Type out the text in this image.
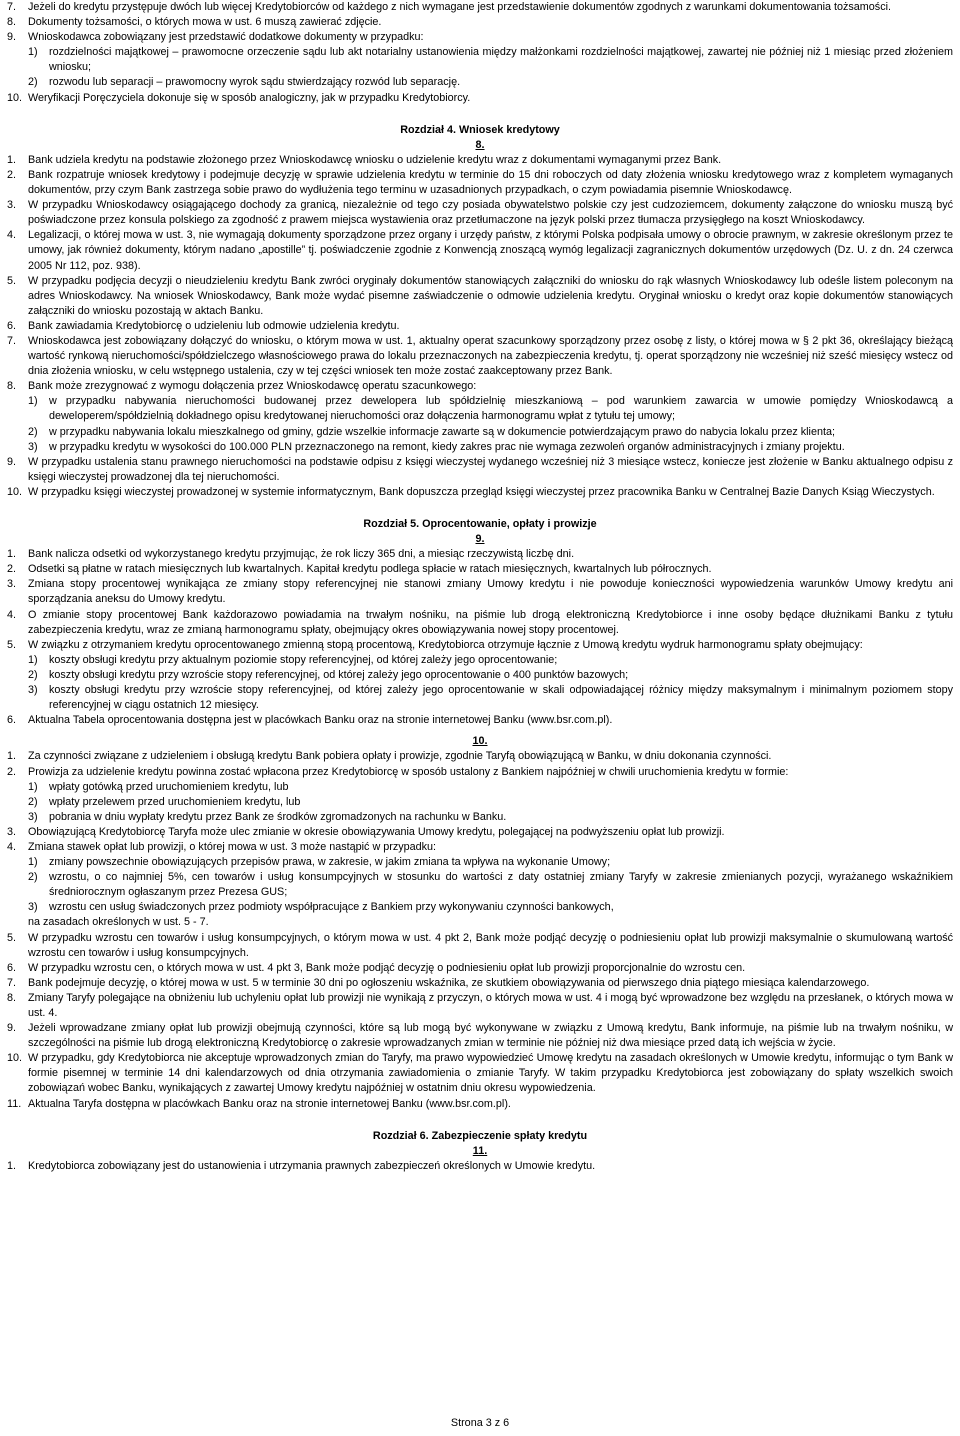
7.	Jeżeli do kredytu przystępuje dwóch lub więcej Kredytobiorców od każdego z nich wymagane jest przedstawienie dokumentów zgodnych z warunkami dokumentowania tożsamości.
8.	Dokumenty tożsamości, o których mowa w ust. 6 muszą zawierać zdjęcie.
9.	Wnioskodawca zobowiązany jest przedstawić dodatkowe dokumenty w przypadku:
1)	rozdzielności majątkowej – prawomocne orzeczenie sądu lub akt notarialny ustanowienia między małżonkami rozdzielności majątkowej, zawartej nie później niż 1 miesiąc przed złożeniem wniosku;
2)	rozwodu lub separacji – prawomocny wyrok sądu stwierdzający rozwód lub separację.
10. Weryfikacji Poręczyciela dokonuje się w sposób analogiczny, jak w przypadku Kredytobiorcy.
Rozdział 4. Wniosek kredytowy
8.
1.	Bank udziela kredytu na podstawie złożonego przez Wnioskodawcę wniosku o udzielenie kredytu wraz z dokumentami wymaganymi przez Bank.
2.	Bank rozpatruje wniosek kredytowy i podejmuje decyzję w sprawie udzielenia kredytu w terminie do 15 dni roboczych od daty złożenia wniosku kredytowego wraz z kompletem wymaganych dokumentów, przy czym Bank zastrzega sobie prawo do wydłużenia tego terminu w uzasadnionych przypadkach, o czym powiadamia pisemnie Wnioskodawcę.
3.	W przypadku Wnioskodawcy osiągającego dochody za granicą, niezależnie od tego czy posiada obywatelstwo polskie czy jest cudzoziemcem, dokumenty załączone do wniosku muszą być poświadczone przez konsula polskiego za zgodność z prawem miejsca wystawienia oraz przetłumaczone na język polski przez tłumacza przysięgłego na koszt Wnioskodawcy.
4.	Legalizacji, o której mowa w ust. 3, nie wymagają dokumenty sporządzone przez organy i urzędy państw, z którymi Polska podpisała umowy o obrocie prawnym, w zakresie określonym przez te umowy, jak również dokumenty, którym nadano „apostille” tj. poświadczenie zgodnie z Konwencją znoszącą wymóg legalizacji zagranicznych dokumentów urzędowych (Dz. U. z dn. 24 czerwca 2005 Nr 112, poz. 938).
5.	W przypadku podjęcia decyzji o nieudzieleniu kredytu Bank zwróci oryginały dokumentów stanowiących załączniki do wniosku do rąk własnych Wnioskodawcy lub odeśle listem poleconym na adres Wnioskodawcy. Na wniosek Wnioskodawcy, Bank może wydać pisemne zaświadczenie o odmowie udzielenia kredytu. Oryginał wniosku o kredyt oraz kopie dokumentów stanowiących załączniki do wniosku pozostają w aktach Banku.
6.	Bank zawiadamia Kredytobiorcę o udzieleniu lub odmowie udzielenia kredytu.
7.	Wnioskodawca jest zobowiązany dołączyć do wniosku, o którym mowa w ust. 1, aktualny operat szacunkowy sporządzony przez osobę z listy, o której mowa w § 2 pkt 36, określający bieżącą wartość rynkową nieruchomości/spółdzielczego własnościowego prawa do lokalu przeznaczonych na zabezpieczenia kredytu, tj. operat sporządzony nie wcześniej niż sześć miesięcy wstecz od dnia złożenia wniosku, w celu wstępnego ustalenia, czy w tej części wniosek ten może zostać zaakceptowany przez Bank.
8.	Bank może zrezygnować z wymogu dołączenia przez Wnioskodawcę operatu szacunkowego:
1)	w przypadku nabywania nieruchomości budowanej przez dewelopera lub spółdzielnię mieszkaniową – pod warunkiem zawarcia w umowie pomiędzy Wnioskodawcą a deweloperem/spółdzielnią dokładnego opisu kredytowanej nieruchomości oraz dołączenia harmonogramu wpłat z tytułu tej umowy;
2)	w przypadku nabywania lokalu mieszkalnego od gminy, gdzie wszelkie informacje zawarte są w dokumencie potwierdzającym prawo do nabycia lokalu przez klienta;
3)	w przypadku kredytu w wysokości do 100.000 PLN przeznaczonego na remont, kiedy zakres prac nie wymaga zezwoleń organów administracyjnych i zmiany projektu.
9.	W przypadku ustalenia stanu prawnego nieruchomości na podstawie odpisu z księgi wieczystej wydanego wcześniej niż 3 miesiące wstecz, koniecze jest złożenie w Banku aktualnego odpisu z księgi wieczystej prowadzonej dla tej nieruchomości.
10. W przypadku księgi wieczystej prowadzonej w systemie informatycznym, Bank dopuszcza przegląd księgi wieczystej przez pracownika Banku w Centralnej Bazie Danych Ksiąg Wieczystych.
Rozdział 5. Oprocentowanie, opłaty i prowizje
9.
1.	Bank nalicza odsetki od wykorzystanego kredytu przyjmując, że rok liczy 365 dni, a miesiąc rzeczywistą liczbę dni.
2.	Odsetki są płatne w ratach miesięcznych lub kwartalnych. Kapitał kredytu podlega spłacie w ratach miesięcznych, kwartalnych lub półrocznych.
3.	Zmiana stopy procentowej wynikająca ze zmiany stopy referencyjnej nie stanowi zmiany Umowy kredytu i nie powoduje konieczności wypowiedzenia warunków Umowy kredytu ani sporządzania aneksu do Umowy kredytu.
4.	O zmianie stopy procentowej Bank każdorazowo powiadamia na trwałym nośniku, na piśmie lub drogą elektroniczną Kredytobiorce i inne osoby będące dłużnikami Banku z tytułu zabezpieczenia kredytu, wraz ze zmianą harmonogramu spłaty, obejmujący okres obowiązywania nowej stopy procentowej.
5.	W związku z otrzymaniem kredytu oprocentowanego zmienną stopą procentową, Kredytobiorca otrzymuje łącznie z Umową kredytu wydruk harmonogramu spłaty obejmujący:
1)	koszty obsługi kredytu przy aktualnym poziomie stopy referencyjnej, od której zależy jego oprocentowanie;
2)	koszty obsługi kredytu przy wzroście stopy referencyjnej, od której zależy jego oprocentowanie o 400 punktów bazowych;
3)	koszty obsługi kredytu przy wzroście stopy referencyjnej, od której zależy jego oprocentowanie w skali odpowiadającej różnicy między maksymalnym i minimalnym poziomem stopy referencyjnej w ciągu ostatnich 12 miesięcy.
6.	Aktualna Tabela oprocentowania dostępna jest w placówkach Banku oraz na stronie internetowej Banku (www.bsr.com.pl).
10.
1.	Za czynności związane z udzieleniem i obsługą kredytu Bank pobiera opłaty i prowizje, zgodnie Taryfą obowiązującą w Banku, w dniu dokonania czynności.
2.	Prowizja za udzielenie kredytu powinna zostać wpłacona przez Kredytobiorcę w sposób ustalony z Bankiem najpóźniej w chwili uruchomienia kredytu w formie:
1)	wpłaty gotówką przed uruchomieniem kredytu, lub
2)	wpłaty przelewem przed uruchomieniem kredytu, lub
3)	pobrania w dniu wypłaty kredytu przez Bank ze środków zgromadzonych na rachunku w Banku.
3.	Obowiązującą Kredytobiorcę Taryfa może ulec zmianie w okresie obowiązywania Umowy kredytu, polegającej na podwyższeniu opłat lub prowizji.
4.	Zmiana stawek opłat lub prowizji, o której mowa w ust. 3 może nastąpić w przypadku:
1)	zmiany powszechnie obowiązujących przepisów prawa, w zakresie, w jakim zmiana ta wpływa na wykonanie Umowy;
2)	wzrostu, o co najmniej 5%, cen towarów i usług konsumpcyjnych w stosunku do wartości z daty ostatniej zmiany Taryfy w zakresie zmienianych pozycji, wyrażanego wskaźnikiem średniorocznym ogłaszanym przez Prezesa GUS;
3)	wzrostu cen usług świadczonych przez podmioty współpracujące z Bankiem przy wykonywaniu czynności bankowych,
na zasadach określonych w ust. 5 - 7.
5.	W przypadku wzrostu cen towarów i usług konsumpcyjnych, o którym mowa w ust. 4 pkt 2, Bank może podjąć decyzję o podniesieniu opłat lub prowizji maksymalnie o skumulowaną wartość wzrostu cen towarów i usług konsumpcyjnych.
6.	W przypadku wzrostu cen, o których mowa w ust. 4 pkt 3, Bank może podjąć decyzję o podniesieniu opłat lub prowizji proporcjonalnie do wzrostu cen.
7.	Bank podejmuje decyzję, o której mowa w ust. 5 w terminie 30 dni po ogłoszeniu wskaźnika, ze skutkiem obowiązywania od pierwszego dnia piątego miesiąca kalendarzowego.
8.	Zmiany Taryfy polegające na obniżeniu lub uchyleniu opłat lub prowizji nie wynikają z przyczyn, o których mowa w ust. 4 i mogą być wprowadzone bez względu na przesłanek, o których mowa w ust. 4.
9.	Jeżeli wprowadzane zmiany opłat lub prowizji obejmują czynności, które są lub mogą być wykonywane w związku z Umową kredytu, Bank informuje, na piśmie lub na trwałym nośniku, w szczególności na piśmie lub drogą elektroniczną Kredytobiorcę o zakresie wprowadzanych zmian w terminie nie później niż dwa miesiące przed datą ich wejścia w życie.
10. W przypadku, gdy Kredytobiorca nie akceptuje wprowadzonych zmian do Taryfy, ma prawo wypowiedzieć Umowę kredytu na zasadach określonych w Umowie kredytu, informując o tym Bank w formie pisemnej w terminie 14 dni kalendarzowych od dnia otrzymania zawiadomienia o zmianie Taryfy. W takim przypadku Kredytobiorca jest zobowiązany do spłaty wszelkich swoich zobowiązań wobec Banku, wynikających z zawartej Umowy kredytu najpóźniej w ostatnim dniu okresu wypowiedzenia.
11. Aktualna Taryfa dostępna w placówkach Banku oraz na stronie internetowej Banku (www.bsr.com.pl).
Rozdział 6. Zabezpieczenie spłaty kredytu
11.
1.	Kredytobiorca zobowiązany jest do ustanowienia i utrzymania prawnych zabezpieczeń określonych w Umowie kredytu.
Strona 3 z 6
